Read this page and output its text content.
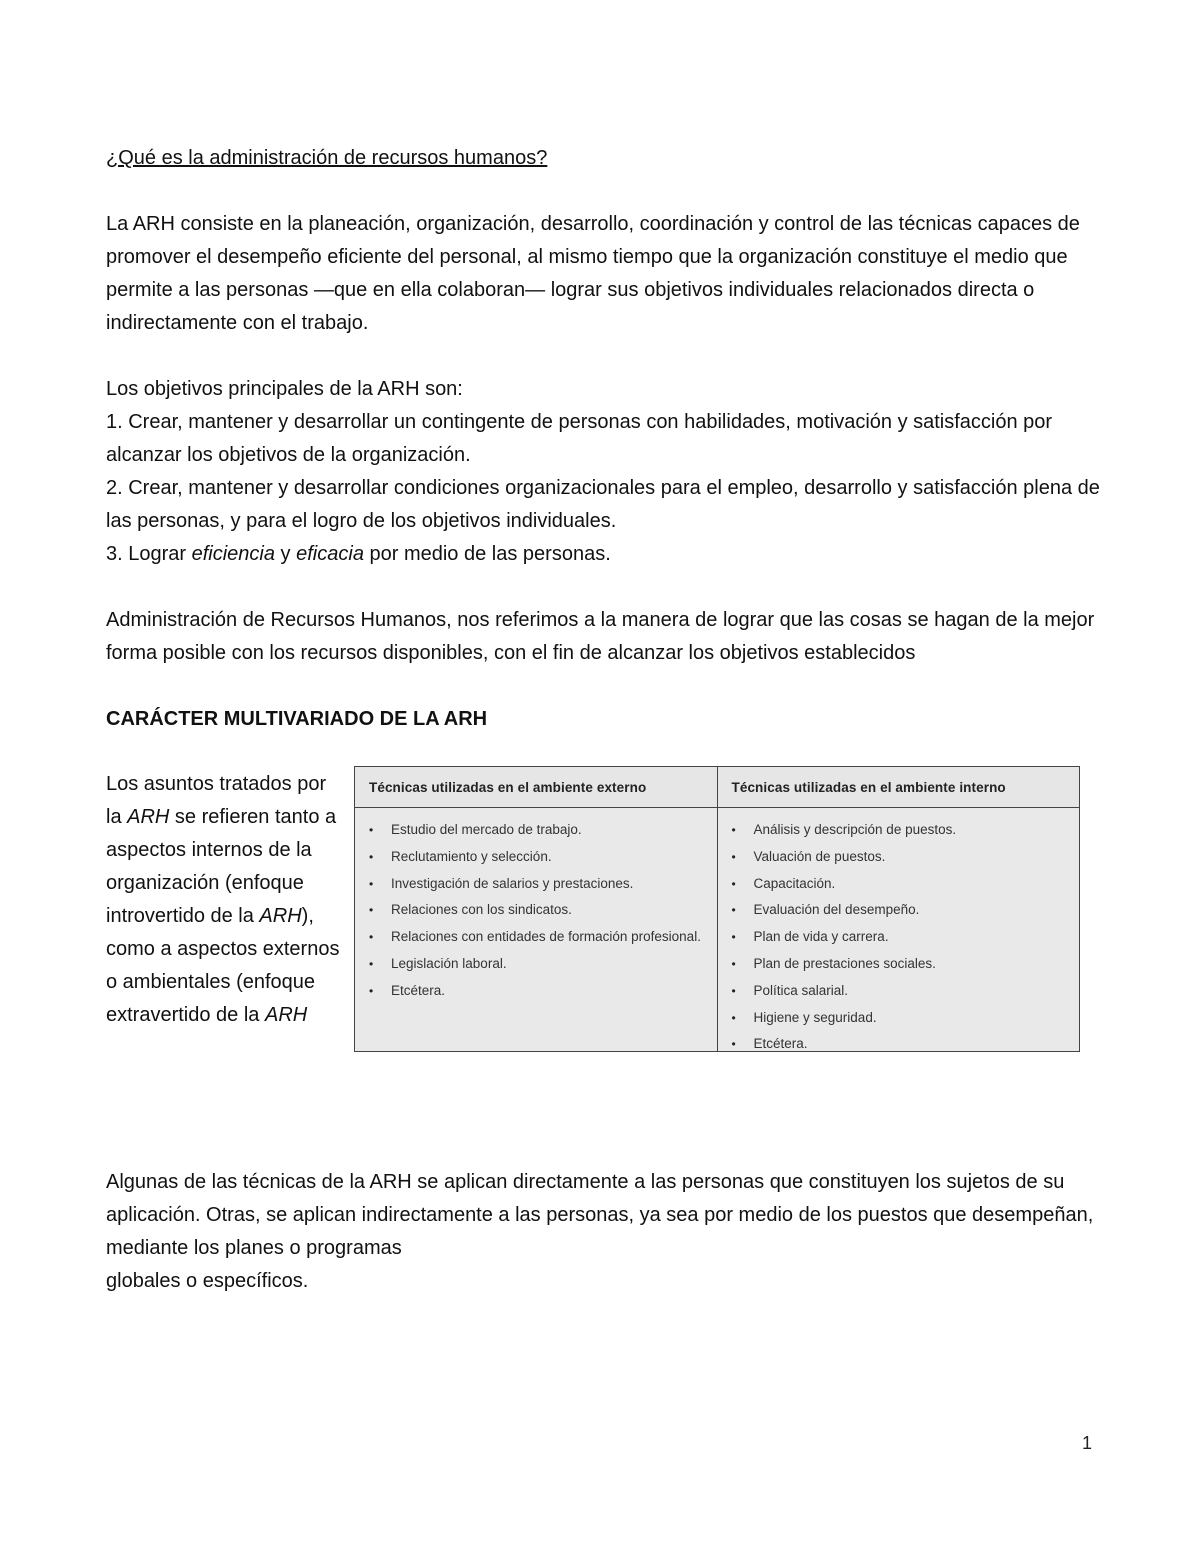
¿Qué es la administración de recursos humanos?

La ARH consiste en la planeación, organización, desarrollo, coordinación y control de las técnicas capaces de promover el desempeño eficiente del personal, al mismo tiempo que la organización constituye el medio que permite a las personas —que en ella colaboran— lograr sus objetivos individuales relacionados directa o indirectamente con el trabajo.

Los objetivos principales de la ARH son:
1. Crear, mantener y desarrollar un contingente de personas con habilidades, motivación y satisfacción por alcanzar los objetivos de la organización.
2. Crear, mantener y desarrollar condiciones organizacionales para el empleo, desarrollo y satisfacción plena de las personas, y para el logro de los objetivos individuales.
3. Lograr eficiencia y eficacia por medio de las personas.

Administración de Recursos Humanos, nos referimos a la manera de lograr que las cosas se hagan de la mejor forma posible con los recursos disponibles, con el fin de alcanzar los objetivos establecidos

CARÁCTER MULTIVARIADO DE LA ARH

Los asuntos tratados por la ARH se refieren tanto a aspectos internos de la organización (enfoque introvertido de la ARH), como a aspectos externos o ambientales (enfoque extravertido de la ARH

Técnicas utilizadas en el ambiente externo
• Estudio del mercado de trabajo.
• Reclutamiento y selección.
• Investigación de salarios y prestaciones.
• Relaciones con los sindicatos.
• Relaciones con entidades de formación profesional.
• Legislación laboral.
• Etcétera.
Técnicas utilizadas en el ambiente interno
• Análisis y descripción de puestos.
• Valuación de puestos.
• Capacitación.
• Evaluación del desempeño.
• Plan de vida y carrera.
• Plan de prestaciones sociales.
• Política salarial.
• Higiene y seguridad.
• Etcétera.
Algunas de las técnicas de la ARH se aplican directamente a las personas que constituyen los sujetos de su aplicación. Otras, se aplican indirectamente a las personas, ya sea por medio de los puestos que desempeñan, mediante los planes o programas
globales o específicos.
1
